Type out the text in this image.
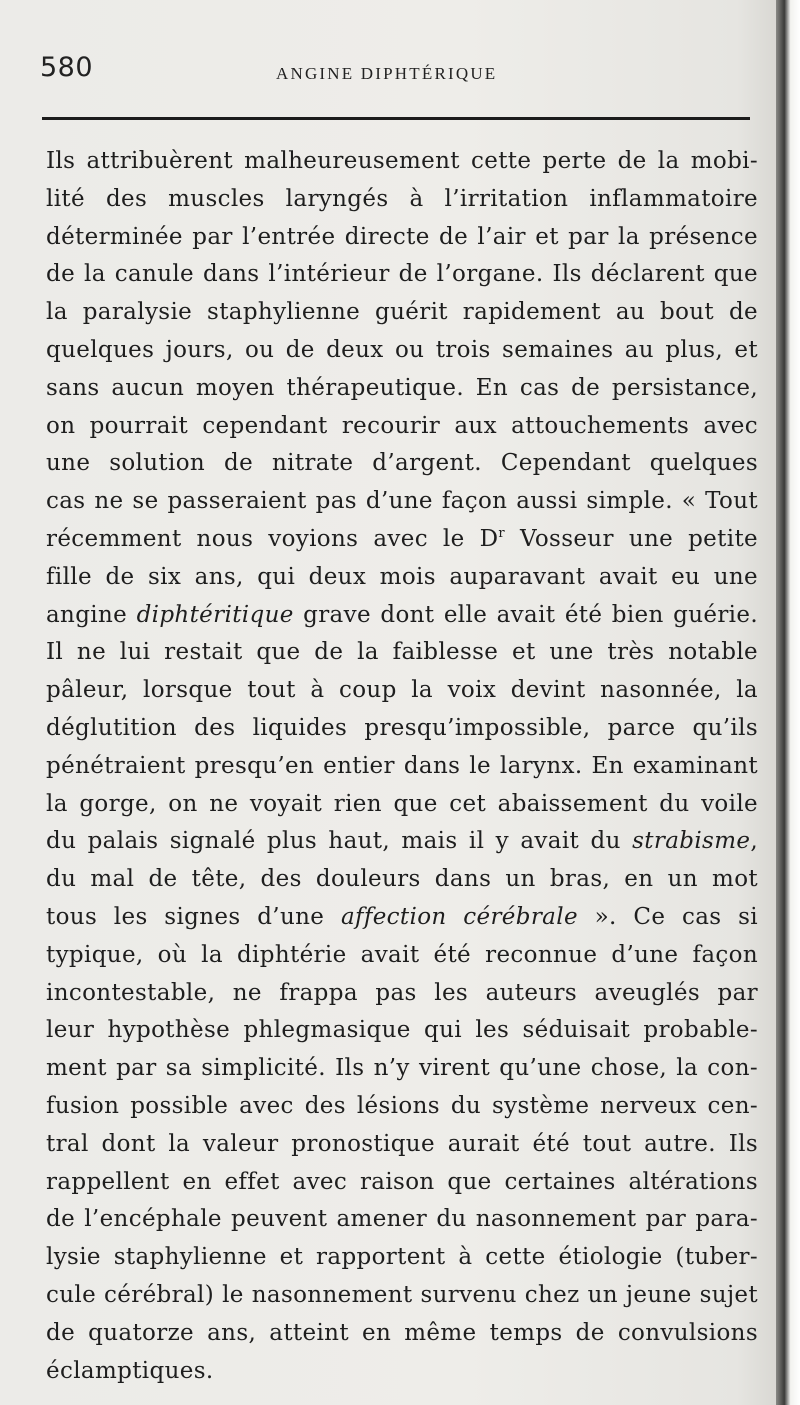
580	ANGINE DIPHTÉRIQUE
Ils attribuèrent malheureusement cette perte de la mobi-
lité des muscles laryngés à l’irritation inflammatoire
déterminée par l’entrée directe de l’air et par la présence
de la canule dans l’intérieur de l’organe. Ils déclarent que
la paralysie staphylienne guérit rapidement au bout de
quelques jours, ou de deux ou trois semaines au plus, et
sans aucun moyen thérapeutique. En cas de persistance,
on pourrait cependant recourir aux attouchements avec
une solution de nitrate d’argent. Cependant quelques
cas ne se passeraient pas d’une façon aussi simple. « Tout
récemment nous voyions avec le $D^r$ Vosseur une petite
fille de six ans, qui deux mois auparavant avait eu une
angine diphtéritique grave dont elle avait été bien guérie.
Il ne lui restait que de la faiblesse et une très notable
pâleur, lorsque tout à coup la voix devint nasonnée, la
déglutition des liquides presqu’impossible, parce qu’ils
pénétraient presqu’en entier dans le larynx. En examinant
la gorge, on ne voyait rien que cet abaissement du voile
du palais signalé plus haut, mais il y avait du strabisme,
du mal de tête, des douleurs dans un bras, en un mot
tous les signes d’une affection cérébrale ». Ce cas si
typique, où la diphtérie avait été reconnue d’une façon
incontestable, ne frappa pas les auteurs aveuglés par
leur hypothèse phlegmasique qui les séduisait probable-
ment par sa simplicité. Ils n’y virent qu’une chose, la con-
fusion possible avec des lésions du système nerveux cen-
tral dont la valeur pronostique aurait été tout autre. Ils
rappellent en effet avec raison que certaines altérations
de l’encéphale peuvent amener du nasonnement par para-
lysie staphylienne et rapportent à cette étiologie (tuber-
cule cérébral) le nasonnement survenu chez un jeune sujet
de quatorze ans, atteint en même temps de convulsions
éclamptiques.
